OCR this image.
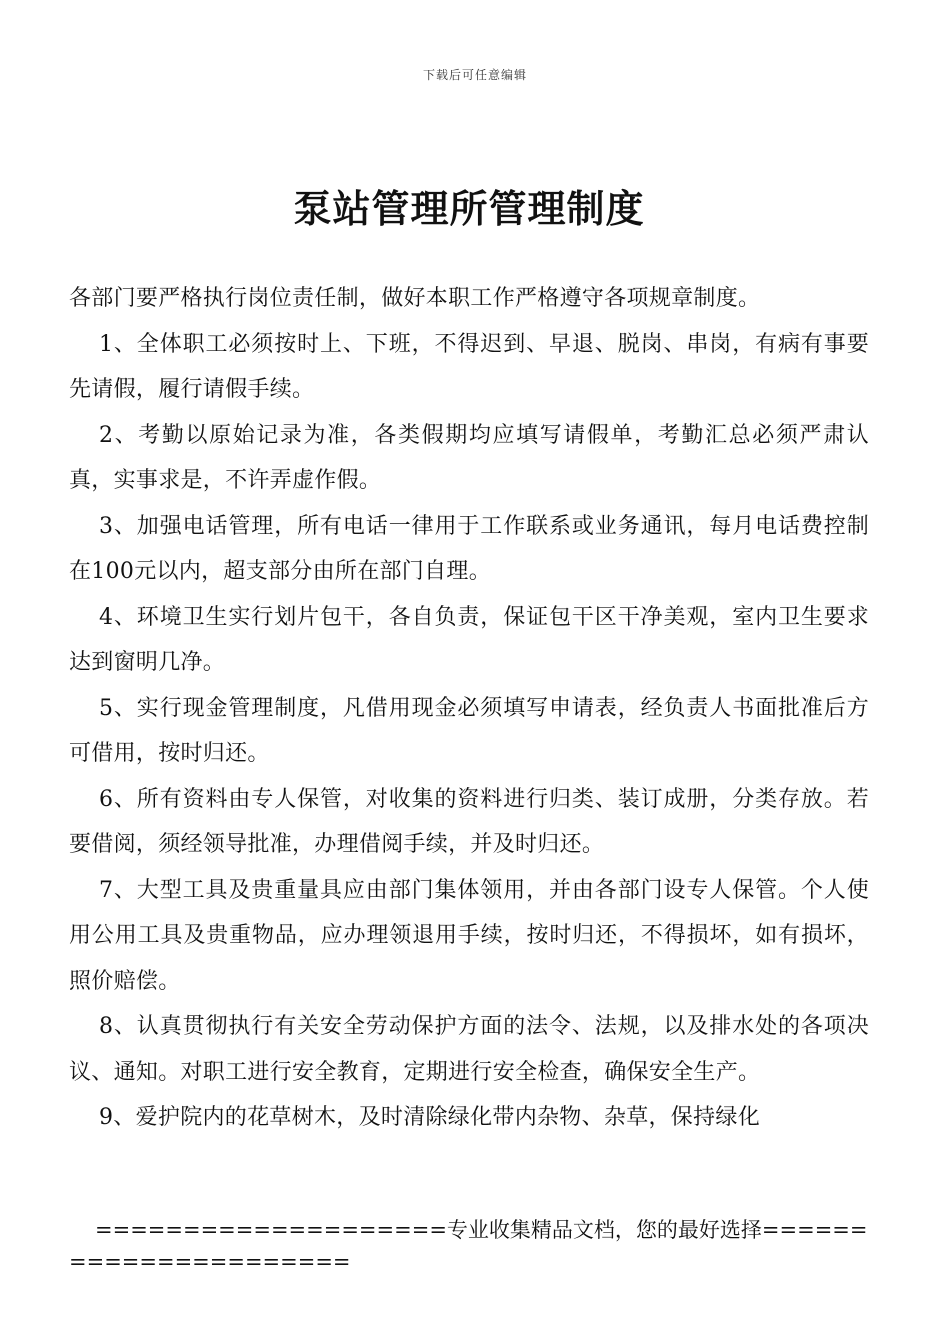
下载后可任意编辑
泵站管理所管理制度

各部门要严格执行岗位责任制，做好本职工作严格遵守各项规章制度。

1、全体职工必须按时上、下班，不得迟到、早退、脱岗、串岗，有病有事要先请假，履行请假手续。

2、考勤以原始记录为准，各类假期均应填写请假单，考勤汇总必须严肃认真，实事求是，不许弄虚作假。

3、加强电话管理，所有电话一律用于工作联系或业务通讯，每月电话费控制在100元以内，超支部分由所在部门自理。

4、环境卫生实行划片包干，各自负责，保证包干区干净美观，室内卫生要求达到窗明几净。

5、实行现金管理制度，凡借用现金必须填写申请表，经负责人书面批准后方可借用，按时归还。

6、所有资料由专人保管，对收集的资料进行归类、装订成册，分类存放。若要借阅，须经领导批准，办理借阅手续，并及时归还。

7、大型工具及贵重量具应由部门集体领用，并由各部门设专人保管。个人使用公用工具及贵重物品，应办理领退用手续，按时归还，不得损坏，如有损坏，照价赔偿。

8、认真贯彻执行有关安全劳动保护方面的法令、法规，以及排水处的各项决议、通知。对职工进行安全教育，定期进行安全检查，确保安全生产。

9、爱护院内的花草树木，及时清除绿化带内杂物、杂草，保持绿化

====================专业收集精品文档，您的最好选择======================
